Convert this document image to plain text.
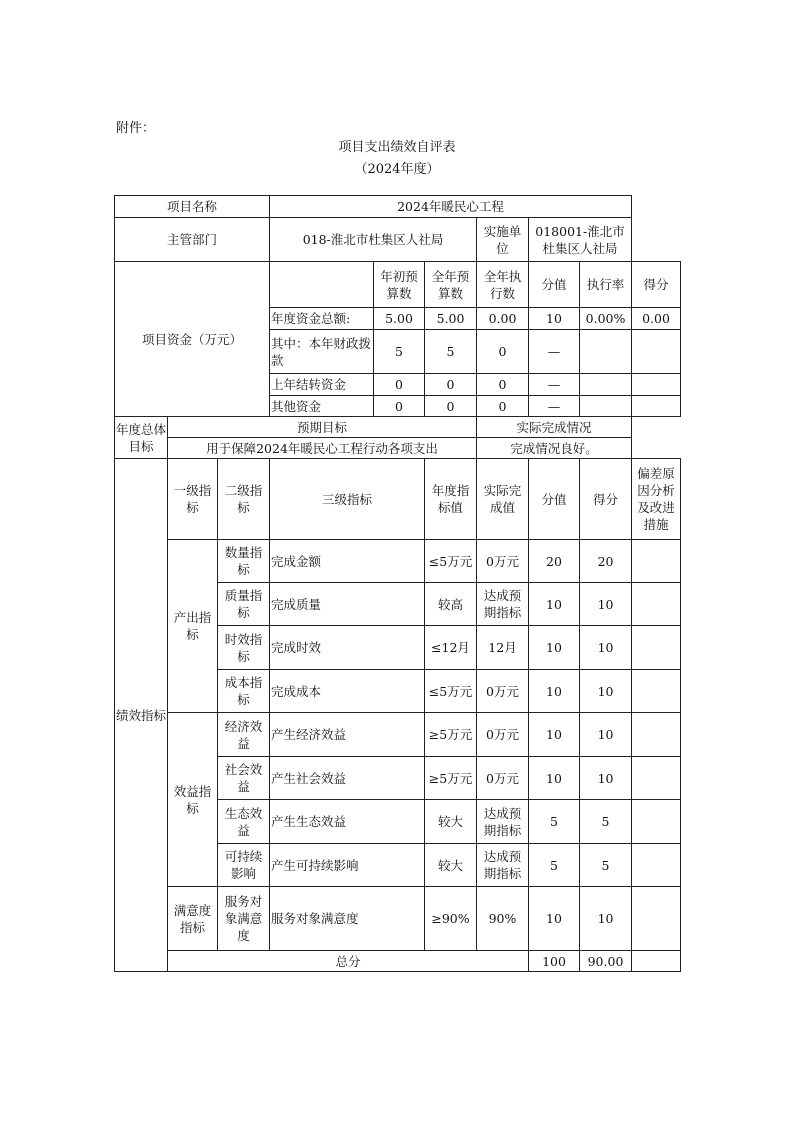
附件：
项目支出绩效自评表
（2024年度）
项目名称			2024年暖民心工程						
主管部门			018-淮北市杜集区人社局			实施单位	018001-淮北市杜集区人社局		
项目资金（万元）				年初预算数	全年预算数	全年执行数	分值	执行率	得分
			年度资金总额:	5.00	5.00	0.00	10	0.00%	0.00
			其中：本年财政拨款	5	5	0	—		
			上年结转资金	0	0	0	—		
			其他资金	0	0	0	—		
年度总体目标	预期目标					实际完成情况			
	用于保障2024年暖民心工程行动各项支出					完成情况良好。			
绩效指标	一级指标	二级指标	三级指标		年度指标值	实际完成值	分值	得分	偏差原因分析及改进措施
	产出指标	数量指标	完成金额		≤5万元	0万元	20	20	
		质量指标	完成质量		较高	达成预期指标	10	10	
		时效指标	完成时效		≤12月	12月	10	10	
		成本指标	完成成本		≤5万元	0万元	10	10	
	效益指标	经济效益	产生经济效益		≥5万元	0万元	10	10	
		社会效益	产生社会效益		≥5万元	0万元	10	10	
		生态效益	产生生态效益		较大	达成预期指标	5	5	
		可持续影响	产生可持续影响		较大	达成预期指标	5	5	
	满意度指标	服务对象满意度	服务对象满意度		≥90%	90%	10	10	
	总分						100	90.00	
